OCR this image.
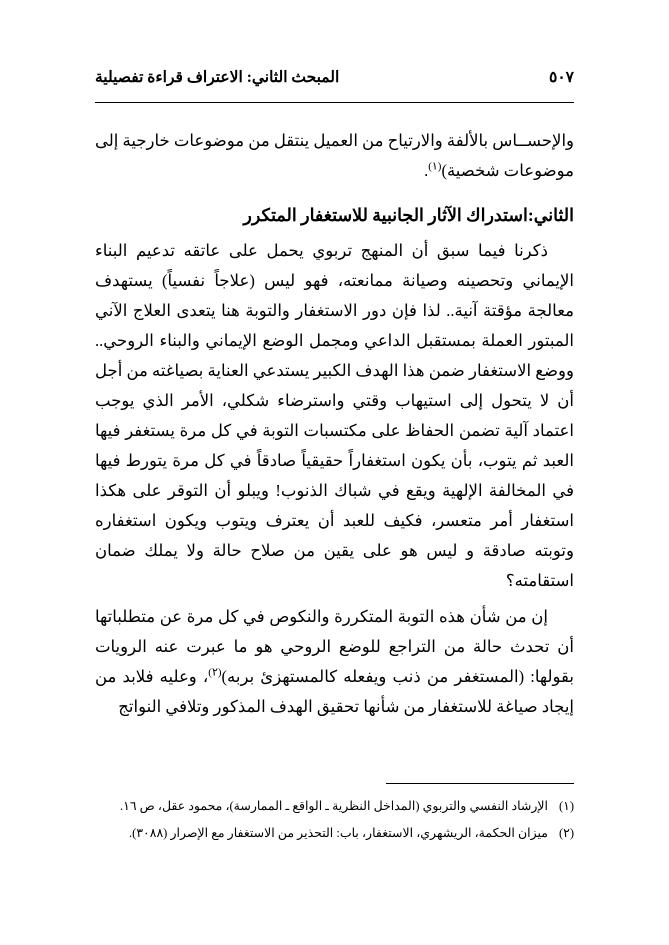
٥٠٧
المبحث الثاني: الاعتراف قراءة تفصيلية

والإحســاس بالألفة والارتياح من العميل ينتقل من موضوعات خارجية إلى موضوعات شخصية)$^{(١)}$.

الثاني:استدراك الآثار الجانبية للاستغفار المتكرر

ذكرنا فيما سبق أن المنهج تربوي يحمل على عاتقه تدعيم البناء الإيماني وتحصينه وصيانة ممانعته، فهو ليس (علاجاً نفسياً) يستهدف معالجة مؤقتة آنية.. لذا فإن دور الاستغفار والتوبة هنا يتعدى العلاج الآني المبتور العملة بمستقبل الداعي ومجمل الوضع الإيماني والبناء الروحي.. ووضع الاستغفار ضمن هذا الهدف الكبير يستدعي العناية بصياغته من أجل أن لا يتحول إلى استيهاب وقتي واسترضاء شكلي، الأمر الذي يوجب اعتماد آلية تضمن الحفاظ على مكتسبات التوبة في كل مرة يستغفر فيها العبد ثم يتوب، بأن يكون استغفاراً حقيقياً صادقاً في كل مرة يتورط فيها في المخالفة الإلهية ويقع في شباك الذنوب! ويبلو أن التوقر على هكذا استغفار أمر متعسر، فكيف للعبد أن يعترف ويتوب ويكون استغفاره وتوبته صادقة و ليس هو على يقين من صلاح حالة ولا يملك ضمان استقامته؟

إن من شأن هذه التوبة المتكررة والنكوص في كل مرة عن متطلباتها أن تحدث حالة من التراجع للوضع الروحي هو ما عبرت عنه الرويات بقولها: (المستغفر من ذنب ويفعله كالمستهزئ بربه)$^{(٢)}$، وعليه فلابد من إيجاد صياغة للاستغفار من شأنها تحقيق الهدف المذكور وتلافي النواتج

(١)الإرشاد النفسي والتربوي (المداخل النظرية ـ الواقع ـ الممارسة)، محمود عقل، ص ١٦.
(٢)ميزان الحكمة، الريشهري، الاستغفار، باب: التحذير من الاستغفار مع الإصرار (٣٠٨٨).
